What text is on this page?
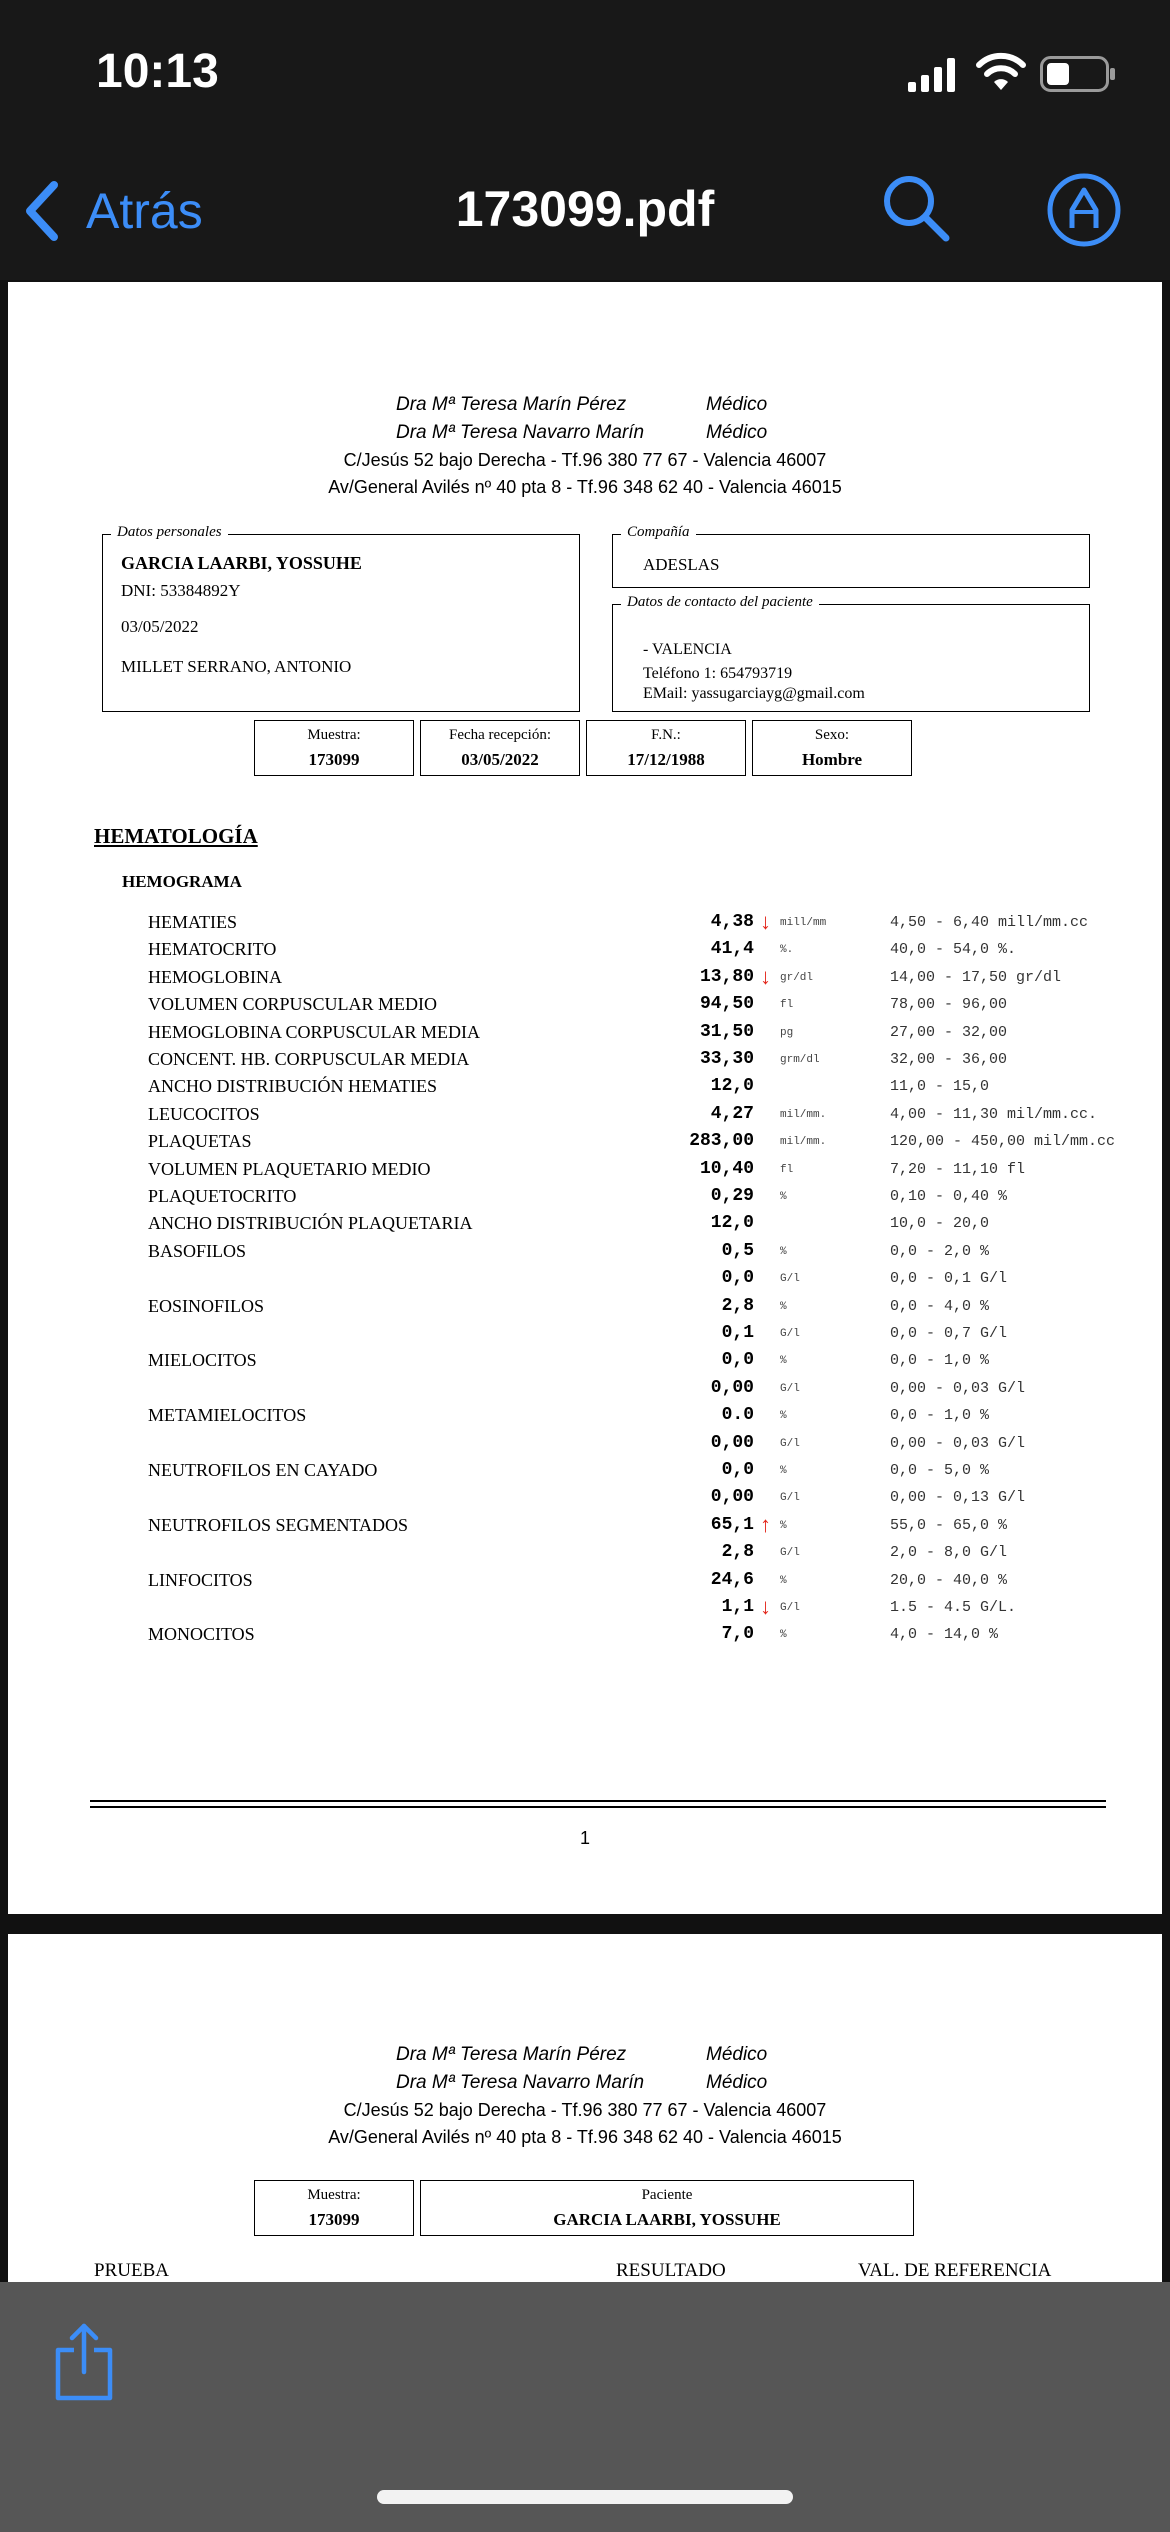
10:13
Atrás	173099.pdf
Dra Mª Teresa Marín Pérez	Médico
Dra Mª Teresa Navarro Marín	Médico
C/Jesús 52 bajo Derecha - Tf.96 380 77 67 - Valencia 46007
Av/General Avilés nº 40 pta 8 - Tf.96 348 62 40 - Valencia 46015
Datos personales
GARCIA LAARBI, YOSSUHE
DNI: 53384892Y
03/05/2022
MILLET SERRANO, ANTONIO
Compañía
ADESLAS
Datos de contacto del paciente
- VALENCIA
Teléfono 1: 654793719
EMail: yassugarciayg@gmail.com
Muestra:
173099
Fecha recepción:
03/05/2022
F.N.:
17/12/1988
Sexo:
Hombre
HEMATOLOGÍA
HEMOGRAMA
HEMATIES	4,38 ↓ mill/mm	4,50 - 6,40 mill/mm.cc
HEMATOCRITO	41,4 %.	40,0 - 54,0 %.
HEMOGLOBINA	13,80 ↓ gr/dl	14,00 - 17,50 gr/dl
VOLUMEN CORPUSCULAR MEDIO	94,50 fl	78,00 - 96,00
HEMOGLOBINA CORPUSCULAR MEDIA	31,50 pg	27,00 - 32,00
CONCENT. HB. CORPUSCULAR MEDIA	33,30 grm/dl	32,00 - 36,00
ANCHO DISTRIBUCIÓN HEMATIES	12,0	11,0 - 15,0
LEUCOCITOS	4,27 mil/mm.	4,00 - 11,30 mil/mm.cc.
PLAQUETAS	283,00 mil/mm.	120,00 - 450,00 mil/mm.cc
VOLUMEN PLAQUETARIO MEDIO	10,40 fl	7,20 - 11,10 fl
PLAQUETOCRITO	0,29 %	0,10 - 0,40 %
ANCHO DISTRIBUCIÓN PLAQUETARIA	12,0	10,0 - 20,0
BASOFILOS	0,5 %	0,0 - 2,0 %
0,0 G/l	0,0 - 0,1 G/l
EOSINOFILOS	2,8 %	0,0 - 4,0 %
0,1 G/l	0,0 - 0,7 G/l
MIELOCITOS	0,0 %	0,0 - 1,0 %
0,00 G/l	0,00 - 0,03 G/l
METAMIELOCITOS	0.0 %	0,0 - 1,0 %
0,00 G/l	0,00 - 0,03 G/l
NEUTROFILOS EN CAYADO	0,0 %	0,0 - 5,0 %
0,00 G/l	0,00 - 0,13 G/l
NEUTROFILOS SEGMENTADOS	65,1 ↑ %	55,0 - 65,0 %
2,8 G/l	2,0 - 8,0 G/l
LINFOCITOS	24,6 %	20,0 - 40,0 %
1,1 ↓ G/l	1.5 - 4.5 G/L.
MONOCITOS	7,0 %	4,0 - 14,0 %
1
Dra Mª Teresa Marín Pérez	Médico
Dra Mª Teresa Navarro Marín	Médico
C/Jesús 52 bajo Derecha - Tf.96 380 77 67 - Valencia 46007
Av/General Avilés nº 40 pta 8 - Tf.96 348 62 40 - Valencia 46015
Muestra:
173099
Paciente
GARCIA LAARBI, YOSSUHE
PRUEBA	RESULTADO	VAL. DE REFERENCIA
